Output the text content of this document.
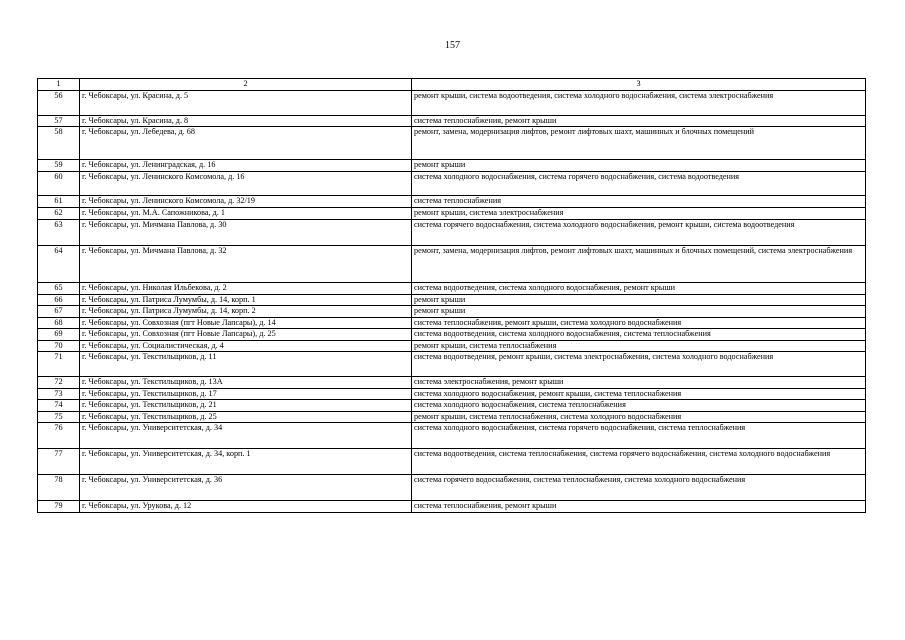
157
1	2	3
56	г. Чебоксары, ул. Красина, д. 5	ремонт крыши, система водоотведения, система холодного водоснабжения, система электроснабжения
57	г. Чебоксары, ул. Красина, д. 8	система теплоснабжения, ремонт крыши
58	г. Чебоксары, ул. Лебедева, д. 68	ремонт, замена, модернизация лифтов, ремонт лифтовых шахт, машинных и блочных помещений
59	г. Чебоксары, ул. Ленинградская, д. 16	ремонт крыши
60	г. Чебоксары, ул. Ленинского Комсомола, д. 16	система холодного водоснабжения, система горячего водоснабжения, система водоотведения
61	г. Чебоксары, ул. Ленинского Комсомола, д. 32/19	система теплоснабжения
62	г. Чебоксары, ул. М.А. Сапожникова, д. 1	ремонт крыши, система электроснабжения
63	г. Чебоксары, ул. Мичмана Павлова, д. 30	система горячего водоснабжения, система холодного водоснабжения, ремонт крыши, система водоотведения
64	г. Чебоксары, ул. Мичмана Павлова, д. 32	ремонт, замена, модернизация лифтов, ремонт лифтовых шахт, машинных и блочных помещений, система электроснабжения
65	г. Чебоксары, ул. Николая Ильбекова, д. 2	система водоотведения, система холодного водоснабжения, ремонт крыши
66	г. Чебоксары, ул. Патриса Лумумбы, д. 14, корп. 1	ремонт крыши
67	г. Чебоксары, ул. Патриса Лумумбы, д. 14, корп. 2	ремонт крыши
68	г. Чебоксары, ул. Совхозная (пгт Новые Лапсары), д. 14	система теплоснабжения, ремонт крыши, система холодного водоснабжения
69	г. Чебоксары, ул. Совхозная (пгт Новые Лапсары), д. 25	система водоотведения, система холодного водоснабжения, система теплоснабжения
70	г. Чебоксары, ул. Социалистическая, д. 4	ремонт крыши, система теплоснабжения
71	г. Чебоксары, ул. Текстильщиков, д. 11	система водоотведения, ремонт крыши, система электроснабжения, система холодного водоснабжения
72	г. Чебоксары, ул. Текстильщиков, д. 13А	система электроснабжения, ремонт крыши
73	г. Чебоксары, ул. Текстильщиков, д. 17	система холодного водоснабжения, ремонт крыши, система теплоснабжения
74	г. Чебоксары, ул. Текстильщиков, д. 21	система холодного водоснабжения, система теплоснабжения
75	г. Чебоксары, ул. Текстильщиков, д. 25	ремонт крыши, система теплоснабжения, система холодного водоснабжения
76	г. Чебоксары, ул. Университетская, д. 34	система холодного водоснабжения, система горячего водоснабжения, система теплоснабжения
77	г. Чебоксары, ул. Университетская, д. 34, корп. 1	система водоотведения, система теплоснабжения, система горячего водоснабжения, система холодного водоснабжения
78	г. Чебоксары, ул. Университетская, д. 36	система горячего водоснабжения, система теплоснабжения, система холодного водоснабжения
79	г. Чебоксары, ул. Урукова, д. 12	система теплоснабжения, ремонт крыши
